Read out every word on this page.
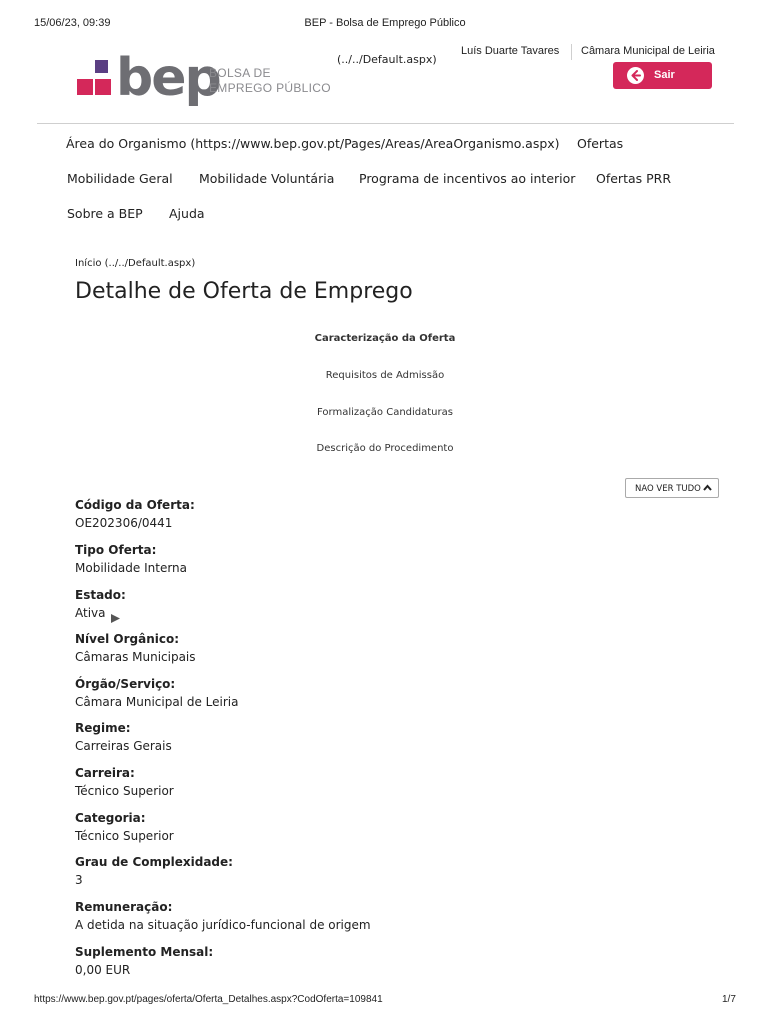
15/06/23, 09:39	BEP - Bolsa de Emprego Público
bep
BOLSA DE
EMPREGO PÚBLICO
(../../Default.aspx)
Luís Duarte Tavares Câmara Municipal de Leiria
Sair
Área do Organismo (https://www.bep.gov.pt/Pages/Areas/AreaOrganismo.aspx) Ofertas
Mobilidade Geral Mobilidade Voluntária Programa de incentivos ao interior Ofertas PRR
Sobre a BEP Ajuda
Início (../../Default.aspx)
Detalhe de Oferta de Emprego
Caracterização da Oferta
Requisitos de Admissão
Formalização Candidaturas
Descrição do Procedimento
NAO VER TUDO
Código da Oferta:
OE202306/0441
Tipo Oferta:
Mobilidade Interna
Estado:
Ativa
Nível Orgânico:
Câmaras Municipais
Órgão/Serviço:
Câmara Municipal de Leiria
Regime:
Carreiras Gerais
Carreira:
Técnico Superior
Categoria:
Técnico Superior
Grau de Complexidade:
3
Remuneração:
A detida na situação jurídico-funcional de origem
Suplemento Mensal:
0,00 EUR
https://www.bep.gov.pt/pages/oferta/Oferta_Detalhes.aspx?CodOferta=109841	1/7
